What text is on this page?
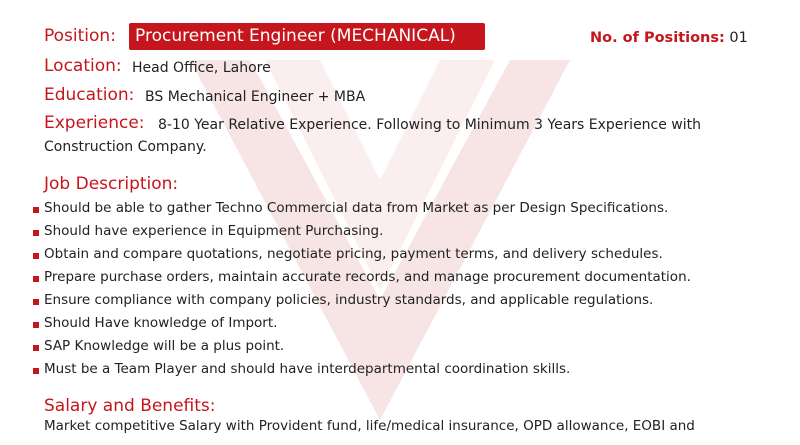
Position: Procurement Engineer (MECHANICAL)	No. of Positions: 01
Location: Head Office, Lahore
Education: BS Mechanical Engineer + MBA
Experience: 8-10 Year Relative Experience. Following to Minimum 3 Years Experience with
Construction Company.
Job Description:
Should be able to gather Techno Commercial data from Market as per Design Specifications.
Should have experience in Equipment Purchasing.
Obtain and compare quotations, negotiate pricing, payment terms, and delivery schedules.
Prepare purchase orders, maintain accurate records, and manage procurement documentation.
Ensure compliance with company policies, industry standards, and applicable regulations.
Should Have knowledge of Import.
SAP Knowledge will be a plus point.
Must be a Team Player and should have interdepartmental coordination skills.
Salary and Benefits:
Market competitive Salary with Provident fund, life/medical insurance, OPD allowance, EOBI and
